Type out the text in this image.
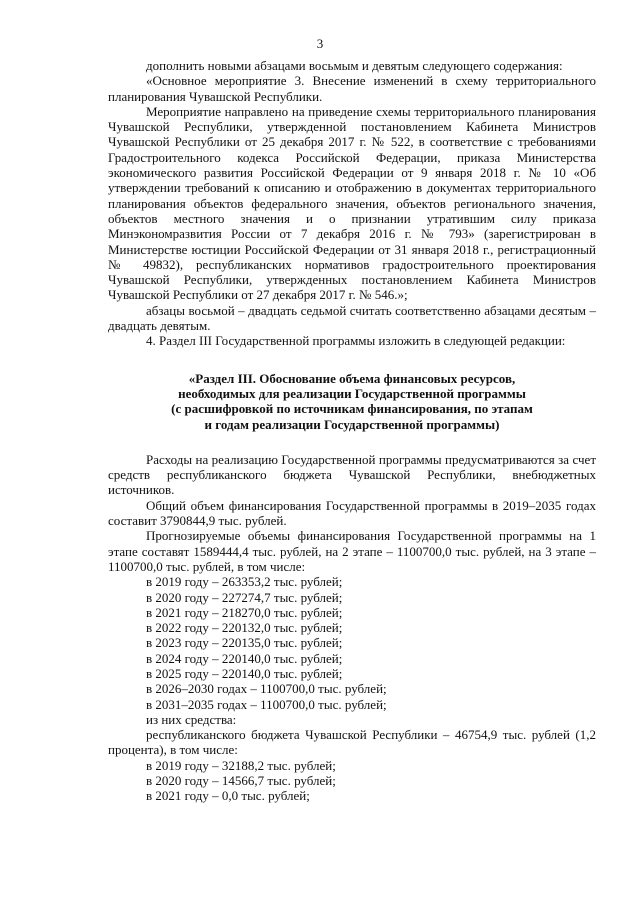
3

дополнить новыми абзацами восьмым и девятым следующего содержания:

«Основное мероприятие 3. Внесение изменений в схему территориального планирования Чувашской Республики.

Мероприятие направлено на приведение схемы территориального планирования Чувашской Республики, утвержденной постановлением Кабинета Министров Чувашской Республики от 25 декабря 2017 г. № 522, в соответствие с требованиями Градостроительного кодекса Российской Федерации, приказа Министерства экономического развития Российской Федерации от 9 января 2018 г. № 10 «Об утверждении требований к описанию и отображению в документах территориального планирования объектов федерального значения, объектов регионального значения, объектов местного значения и о признании утратившим силу приказа Минэкономразвития России от 7 декабря 2016 г. № 793» (зарегистрирован в Министерстве юстиции Российской Федерации от 31 января 2018 г., регистрационный № 49832), республиканских нормативов градостроительного проектирования Чувашской Республики, утвержденных постановлением Кабинета Министров Чувашской Республики от 27 декабря 2017 г. № 546.»;

абзацы восьмой – двадцать седьмой считать соответственно абзацами десятым – двадцать девятым.

4. Раздел III Государственной программы изложить в следующей редакции:

«Раздел III. Обоснование объема финансовых ресурсов,
необходимых для реализации Государственной программы
(с расшифровкой по источникам финансирования, по этапам
и годам реализации Государственной программы)

Расходы на реализацию Государственной программы предусматриваются за счет средств республиканского бюджета Чувашской Республики, внебюджетных источников.

Общий объем финансирования Государственной программы в 2019–2035 годах составит 3790844,9 тыс. рублей.

Прогнозируемые объемы финансирования Государственной программы на 1 этапе составят 1589444,4 тыс. рублей, на 2 этапе – 1100700,0 тыс. рублей, на 3 этапе – 1100700,0 тыс. рублей, в том числе:

в 2019 году – 263353,2 тыс. рублей;
в 2020 году – 227274,7 тыс. рублей;
в 2021 году – 218270,0 тыс. рублей;
в 2022 году – 220132,0 тыс. рублей;
в 2023 году – 220135,0 тыс. рублей;
в 2024 году – 220140,0 тыс. рублей;
в 2025 году – 220140,0 тыс. рублей;
в 2026–2030 годах – 1100700,0 тыс. рублей;
в 2031–2035 годах – 1100700,0 тыс. рублей;
из них средства:

республиканского бюджета Чувашской Республики – 46754,9 тыс. рублей (1,2 процента), в том числе:

в 2019 году – 32188,2 тыс. рублей;
в 2020 году – 14566,7 тыс. рублей;
в 2021 году – 0,0 тыс. рублей;
